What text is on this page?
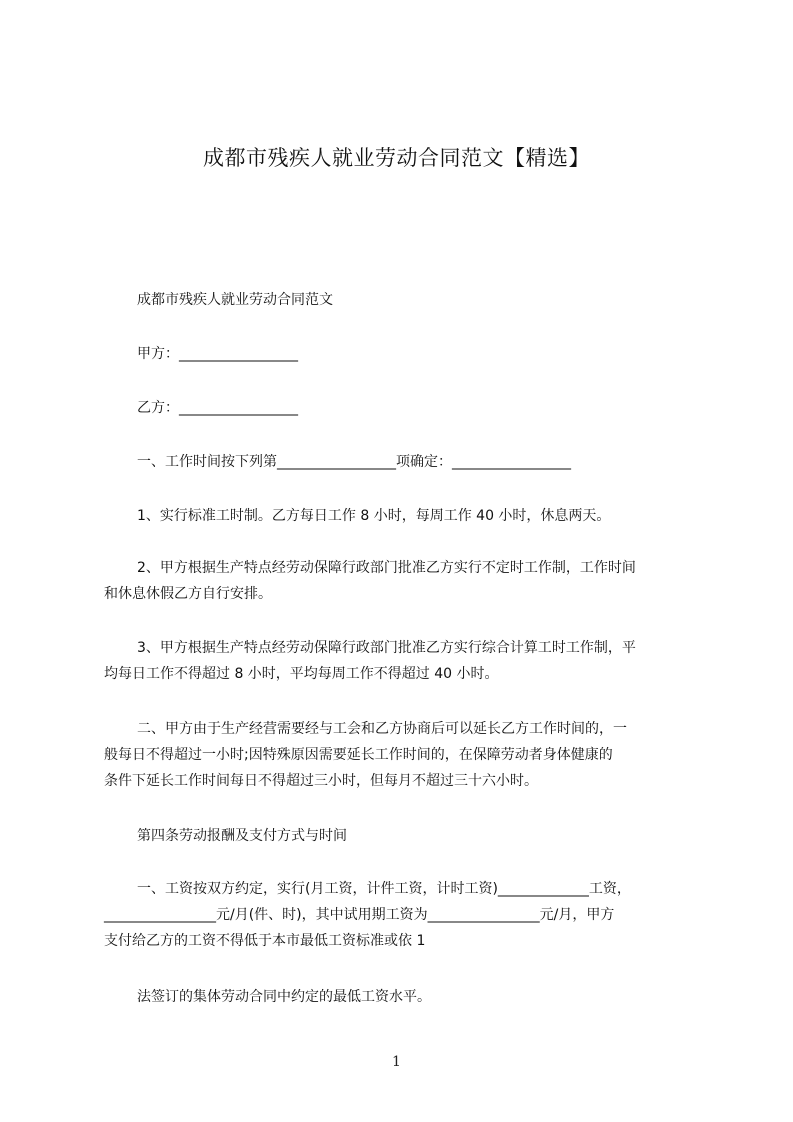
成都市残疾人就业劳动合同范文【精选】
成都市残疾人就业劳动合同范文
甲方：_________________
乙方：_________________
一、工作时间按下列第_________________项确定：_________________
1、实行标准工时制。乙方每日工作 8 小时，每周工作 40 小时，休息两天。
2、甲方根据生产特点经劳动保障行政部门批准乙方实行不定时工作制，工作时间
和休息休假乙方自行安排。
3、甲方根据生产特点经劳动保障行政部门批准乙方实行综合计算工时工作制，平
均每日工作不得超过 8 小时，平均每周工作不得超过 40 小时。
二、甲方由于生产经营需要经与工会和乙方协商后可以延长乙方工作时间的，一
般每日不得超过一小时;因特殊原因需要延长工作时间的，在保障劳动者身体健康的
条件下延长工作时间每日不得超过三小时，但每月不超过三十六小时。
第四条劳动报酬及支付方式与时间
一、工资按双方约定，实行(月工资，计件工资，计时工资)_____________工资，
________________元/月(件、时)，其中试用期工资为________________元/月，甲方
支付给乙方的工资不得低于本市最低工资标准或依 1
法签订的集体劳动合同中约定的最低工资水平。
1
